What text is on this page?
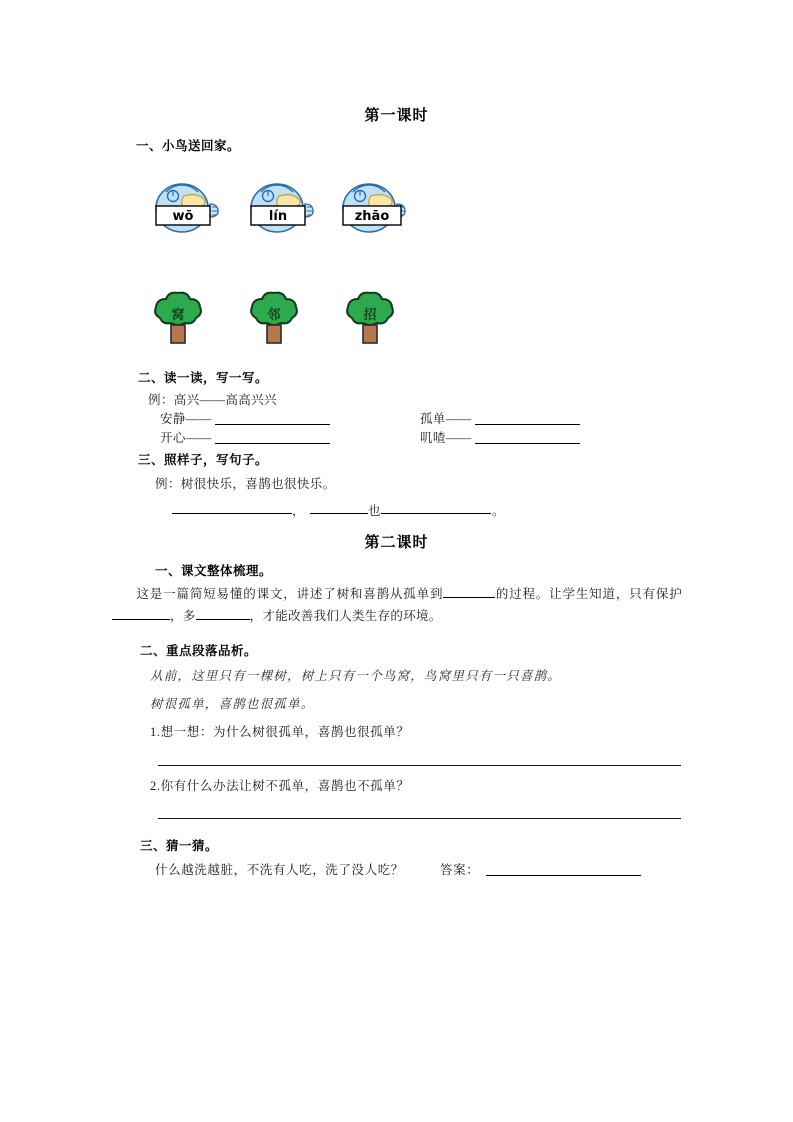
第一课时
一、小鸟送回家。
wō	lín	zhāo
窝	邻	招
二、读一读，写一写。
例：高兴——高高兴兴
安静——	孤单——
开心——	叽喳——
三、照样子，写句子。
例：树很快乐，喜鹊也很快乐。
，	也	。
第二课时
一、课文整体梳理。
这是一篇简短易懂的课文，讲述了树和喜鹊从孤单到	的过程。让学生知道，只有保护，多	，才能改善我们人类生存的环境。
二、重点段落品析。
从前，这里只有一棵树，树上只有一个鸟窝，鸟窝里只有一只喜鹊。
树很孤单，喜鹊也很孤单。
1.想一想：为什么树很孤单，喜鹊也很孤单？
2.你有什么办法让树不孤单，喜鹊也不孤单？
三、猜一猜。
什么越洗越脏，不洗有人吃，洗了没人吃？	答案：
